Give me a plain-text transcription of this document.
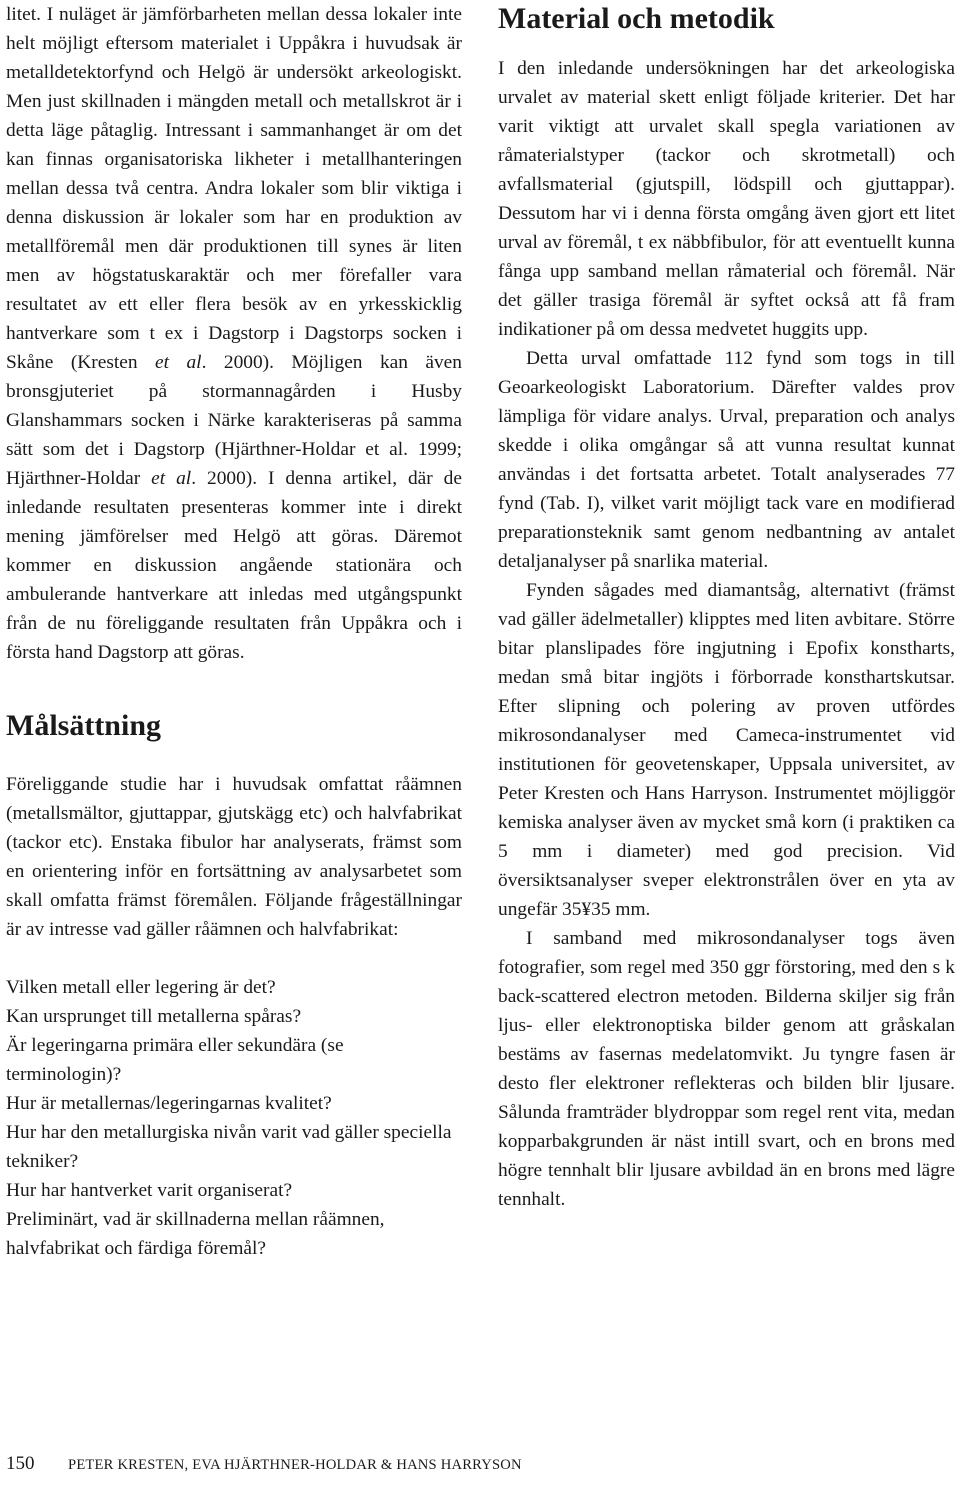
litet. I nuläget är jämförbarheten mellan dessa lokaler inte helt möjligt eftersom materialet i Uppåkra i huvudsak är metalldetektorfynd och Helgö är undersökt arkeologiskt. Men just skillnaden i mängden metall och metallskrot är i detta läge påtaglig. Intressant i sammanhanget är om det kan finnas organisatoriska likheter i metallhanteringen mellan dessa två centra. Andra lokaler som blir viktiga i denna diskussion är lokaler som har en produktion av metallföremål men där produktionen till synes är liten men av högstatuskaraktär och mer förefaller vara resultatet av ett eller flera besök av en yrkesskicklig hantverkare som t ex i Dagstorp i Dagstorps socken i Skåne (Kresten et al. 2000). Möjligen kan även bronsgjuteriet på stormannagården i Husby Glanshammars socken i Närke karakteriseras på samma sätt som det i Dagstorp (Hjärthner-Holdar et al. 1999; Hjärthner-Holdar et al. 2000). I denna artikel, där de inledande resultaten presenteras kommer inte i direkt mening jämförelser med Helgö att göras. Däremot kommer en diskussion angående stationära och ambulerande hantverkare att inledas med utgångspunkt från de nu föreliggande resultaten från Uppåkra och i första hand Dagstorp att göras.

Målsättning

Föreliggande studie har i huvudsak omfattat råämnen (metallsmältor, gjuttappar, gjutskägg etc) och halvfabrikat (tackor etc). Enstaka fibulor har analyserats, främst som en orientering inför en fortsättning av analysarbetet som skall omfatta främst föremålen. Följande frågeställningar är av intresse vad gäller råämnen och halvfabrikat:

Vilken metall eller legering är det?

Kan ursprunget till metallerna spåras?

Är legeringarna primära eller sekundära (se terminologin)?

Hur är metallernas/legeringarnas kvalitet?

Hur har den metallurgiska nivån varit vad gäller speciella tekniker?

Hur har hantverket varit organiserat?

Preliminärt, vad är skillnaderna mellan råämnen, halvfabrikat och färdiga föremål?

Material och metodik

I den inledande undersökningen har det arkeologiska urvalet av material skett enligt följade kriterier. Det har varit viktigt att urvalet skall spegla variationen av råmaterialstyper (tackor och skrotmetall) och avfallsmaterial (gjutspill, lödspill och gjuttappar). Dessutom har vi i denna första omgång även gjort ett litet urval av föremål, t ex näbbfibulor, för att eventuellt kunna fånga upp samband mellan råmaterial och föremål. När det gäller trasiga föremål är syftet också att få fram indikationer på om dessa medvetet huggits upp.

Detta urval omfattade 112 fynd som togs in till Geoarkeologiskt Laboratorium. Därefter valdes prov lämpliga för vidare analys. Urval, preparation och analys skedde i olika omgångar så att vunna resultat kunnat användas i det fortsatta arbetet. Totalt analyserades 77 fynd (Tab. I), vilket varit möjligt tack vare en modifierad preparationsteknik samt genom nedbantning av antalet detaljanalyser på snarlika material.

Fynden sågades med diamantsåg, alternativt (främst vad gäller ädelmetaller) klipptes med liten avbitare. Större bitar planslipades före ingjutning i Epofix konstharts, medan små bitar ingjöts i förborrade konsthartskutsar. Efter slipning och polering av proven utfördes mikrosondanalyser med Cameca-instrumentet vid institutionen för geovetenskaper, Uppsala universitet, av Peter Kresten och Hans Harryson. Instrumentet möjliggör kemiska analyser även av mycket små korn (i praktiken ca 5 mm i diameter) med god precision. Vid översiktsanalyser sveper elektronstrålen över en yta av ungefär 35¥35 mm.

I samband med mikrosondanalyser togs även fotografier, som regel med 350 ggr förstoring, med den s k back-scattered electron metoden. Bilderna skiljer sig från ljus- eller elektronoptiska bilder genom att gråskalan bestäms av fasernas medelatomvikt. Ju tyngre fasen är desto fler elektroner reflekteras och bilden blir ljusare. Sålunda framträder blydroppar som regel rent vita, medan kopparbakgrunden är näst intill svart, och en brons med högre tennhalt blir ljusare avbildad än en brons med lägre tennhalt.

150 PETER KRESTEN, EVA HJÄRTHNER-HOLDAR & HANS HARRYSON
